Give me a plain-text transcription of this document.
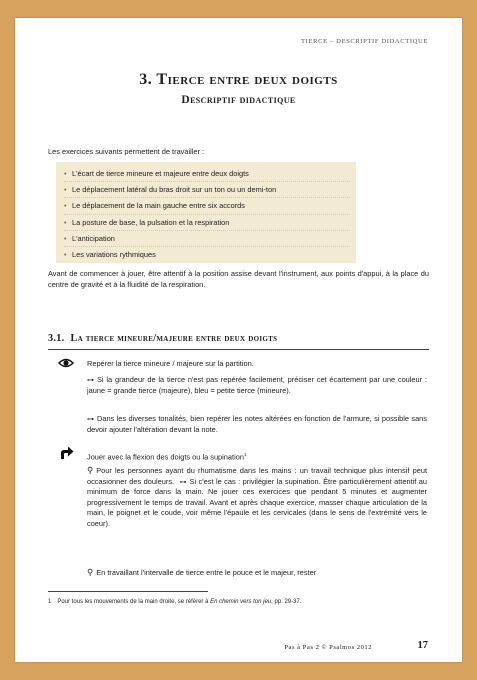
TIERCE – DESCRIPTIF DIDACTIQUE
3. Tierce entre deux doigts
Descriptif didactique
Les exercices suivants permettent de travailler :
• L'écart de tierce mineure et majeure entre deux doigts
• Le déplacement latéral du bras droit sur un ton ou un demi-ton
• Le déplacement de la main gauche entre six accords
• La posture de base, la pulsation et la respiration
• L'anticipation
• Les variations rythmiques
Avant de commencer à jouer, être attentif à la position assise devant l'instrument, aux points d'appui, à la place du centre de gravité et à la fluidité de la respiration.
3.1. La tierce mineure/majeure entre deux doigts
Repérer la tierce mineure / majeure sur la partition.
⊶ Si la grandeur de la tierce n'est pas repérée facilement, préciser cet écartement par une couleur : jaune = grande tierce (majeure), bleu = petite tierce (mineure).
⊶ Dans les diverses tonalités, bien repérer les notes altérées en fonction de l'armure, si possible sans devoir ajouter l'altération devant la note.
Jouer avec la flexion des doigts ou la supination$^1$
⚲ Pour les personnes ayant du rhumatisme dans les mains : un travail technique plus intensif peut occasionner des douleurs. ⊶ Si c'est le cas : privilégier la supination. Être particulièrement attentif au minimum de force dans la main. Ne jouer ces exercices que pendant 5 minutes et augmenter progressivement le temps de travail. Avant et après chaque exercice, masser chaque articulation de la main, le poignet et le coude, voir même l'épaule et les cervicales (dans le sens de l'extrémité vers le coeur).
⚲ En travaillant l'intervalle de tierce entre le pouce et le majeur, rester
1 Pour tous les mouvements de la main droite, se référer à En chemin vers ton jeu, pp. 29-37.
Pas à Pas 2 © Psalmos 2012	17
